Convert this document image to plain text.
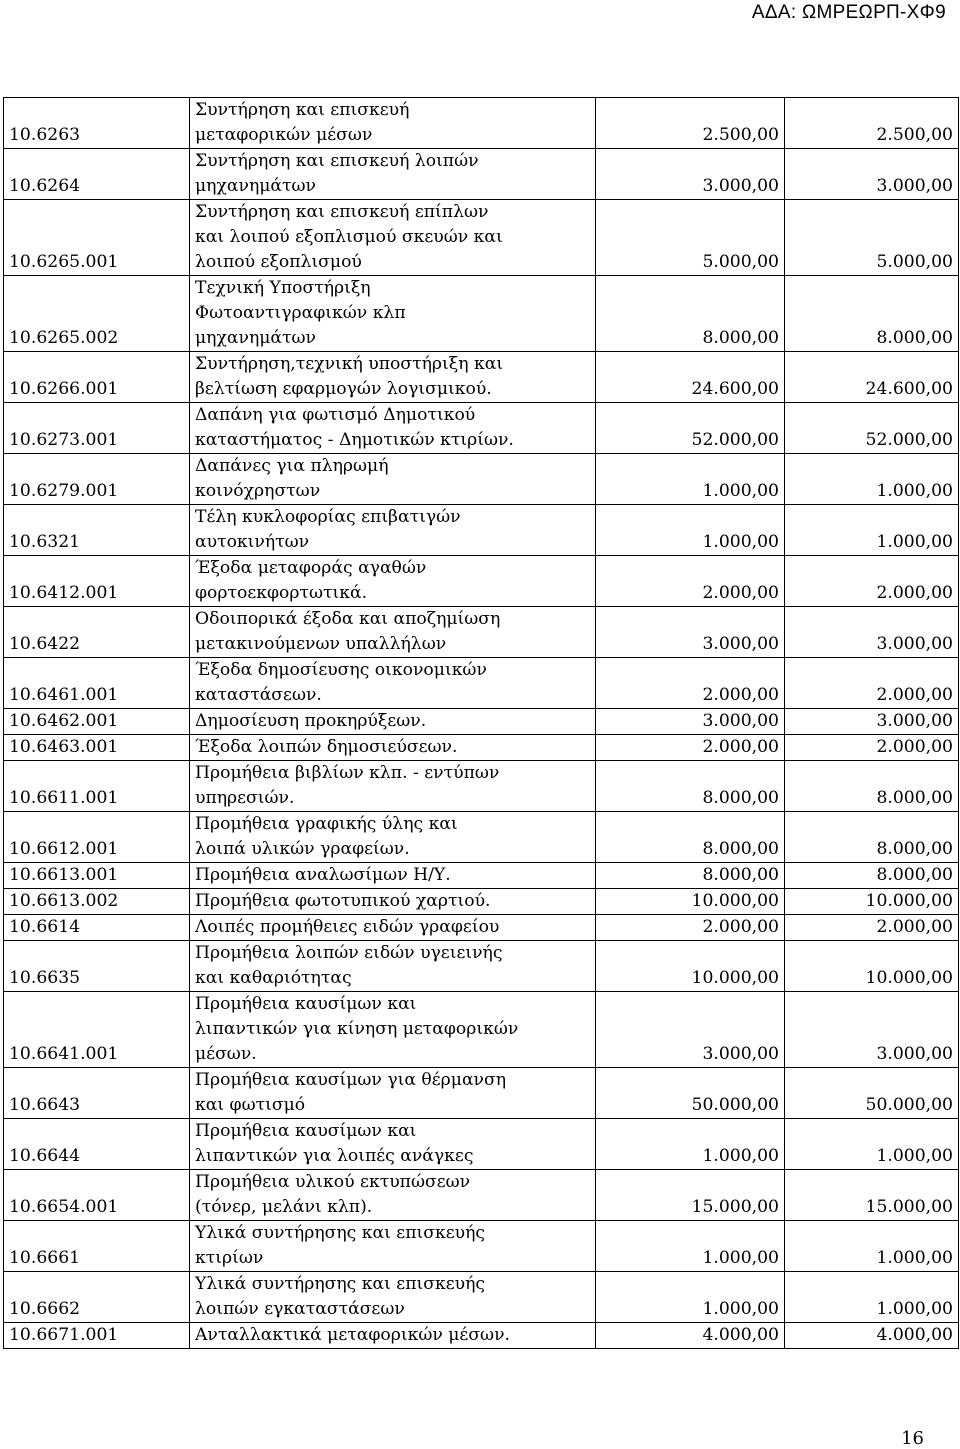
ΑΔΑ: ΩΜΡΕΩΡΠ-ΧΦ9
10.6263	Συντήρηση και επισκευή
μεταφορικών μέσων	2.500,00	2.500,00
10.6264	Συντήρηση και επισκευή λοιπών
μηχανημάτων	3.000,00	3.000,00
10.6265.001	Συντήρηση και επισκευή επίπλων
και λοιπού εξοπλισμού σκευών και
λοιπού εξοπλισμού	5.000,00	5.000,00
10.6265.002	Τεχνική Υποστήριξη
Φωτοαντιγραφικών κλπ
μηχανημάτων	8.000,00	8.000,00
10.6266.001	Συντήρηση,τεχνική υποστήριξη και
βελτίωση εφαρμογών λογισμικού.	24.600,00	24.600,00
10.6273.001	Δαπάνη για φωτισμό Δημοτικού
καταστήματος - Δημοτικών κτιρίων.	52.000,00	52.000,00
10.6279.001	Δαπάνες για πληρωμή
κοινόχρηστων	1.000,00	1.000,00
10.6321	Τέλη κυκλοφορίας επιβατιγών
αυτοκινήτων	1.000,00	1.000,00
10.6412.001	Έξοδα μεταφοράς αγαθών
φορτοεκφορτωτικά.	2.000,00	2.000,00
10.6422	Οδοιπορικά έξοδα και αποζημίωση
μετακινούμενων υπαλλήλων	3.000,00	3.000,00
10.6461.001	Έξοδα δημοσίευσης οικονομικών
καταστάσεων.	2.000,00	2.000,00
10.6462.001	Δημοσίευση προκηρύξεων.	3.000,00	3.000,00
10.6463.001	Έξοδα λοιπών δημοσιεύσεων.	2.000,00	2.000,00
10.6611.001	Προμήθεια βιβλίων κλπ. - εντύπων
υπηρεσιών.	8.000,00	8.000,00
10.6612.001	Προμήθεια γραφικής ύλης και
λοιπά υλικών γραφείων.	8.000,00	8.000,00
10.6613.001	Προμήθεια αναλωσίμων Η/Υ.	8.000,00	8.000,00
10.6613.002	Προμήθεια φωτοτυπικού χαρτιού.	10.000,00	10.000,00
10.6614	Λοιπές προμήθειες ειδών γραφείου	2.000,00	2.000,00
10.6635	Προμήθεια λοιπών ειδών υγειεινής
και καθαριότητας	10.000,00	10.000,00
10.6641.001	Προμήθεια καυσίμων και
λιπαντικών για κίνηση μεταφορικών
μέσων.	3.000,00	3.000,00
10.6643	Προμήθεια καυσίμων για θέρμανση
και φωτισμό	50.000,00	50.000,00
10.6644	Προμήθεια καυσίμων και
λιπαντικών για λοιπές ανάγκες	1.000,00	1.000,00
10.6654.001	Προμήθεια υλικού εκτυπώσεων
(τόνερ, μελάνι κλπ).	15.000,00	15.000,00
10.6661	Υλικά συντήρησης και επισκευής
κτιρίων	1.000,00	1.000,00
10.6662	Υλικά συντήρησης και επισκευής
λοιπών εγκαταστάσεων	1.000,00	1.000,00
10.6671.001	Ανταλλακτικά μεταφορικών μέσων.	4.000,00	4.000,00
16
